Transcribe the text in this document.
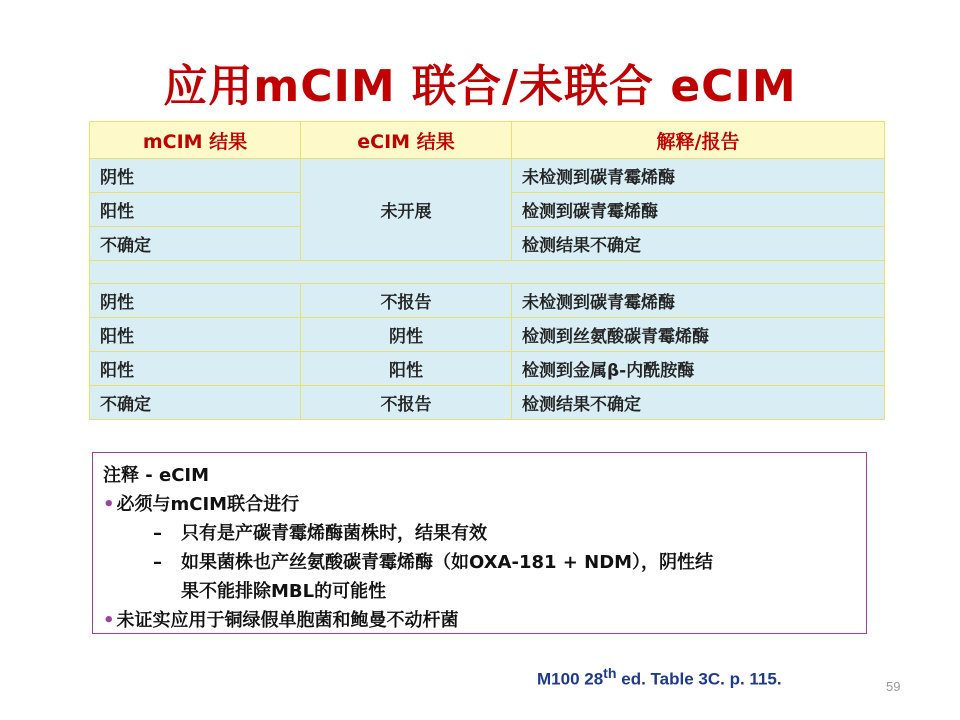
应用mCIM 联合/未联合 eCIM
mCIM 结果	eCIM 结果	解释/报告
阴性	未开展	未检测到碳青霉烯酶
阳性		检测到碳青霉烯酶
不确定		检测结果不确定

阴性	不报告	未检测到碳青霉烯酶
阳性	阴性	检测到丝氨酸碳青霉烯酶
阳性	阳性	检测到金属β-内酰胺酶
不确定	不报告	检测结果不确定
注释 - eCIM
• 必须与mCIM联合进行
– 只有是产碳青霉烯酶菌株时，结果有效
– 如果菌株也产丝氨酸碳青霉烯酶（如OXA-181 + NDM），阴性结
果不能排除MBL的可能性
• 未证实应用于铜绿假单胞菌和鲍曼不动杆菌
M100 28th ed. Table 3C. p. 115.	59
